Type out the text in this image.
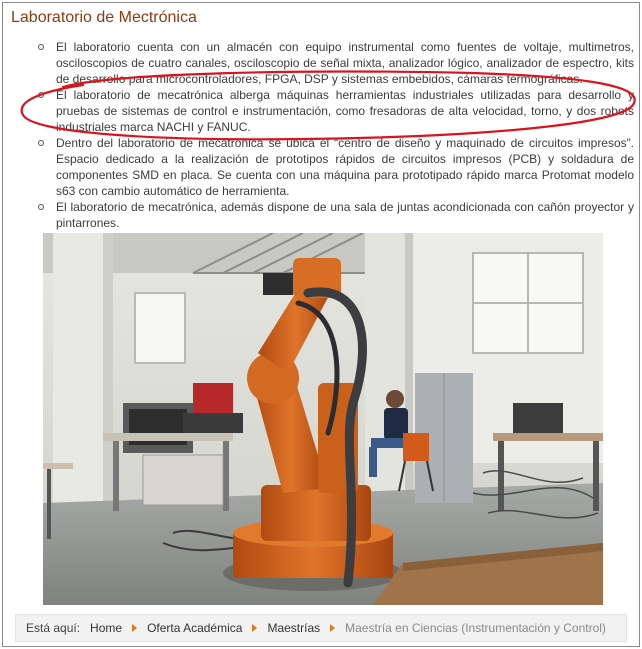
Laboratorio de Mectrónica
El laboratorio cuenta con un almacén con equipo instrumental como fuentes de voltaje, multimetros, osciloscopios de cuatro canales, osciloscopio de señal mixta, analizador lógico, analizador de espectro, kits de desarrollo para microcontroladores, FPGA, DSP y sistemas embebidos, cámaras termográficas.
El laboratorio de mecatrónica alberga máquinas herramientas industriales utilizadas para desarrollo y pruebas de sistemas de control e instrumentación, como fresadoras de alta velocidad, torno, y dos robots industriales marca NACHI y FANUC.
Dentro del laboratorio de mecatrónica se ubica el “centro de diseño y maquinado de circuitos impresos”. Espacio dedicado a la realización de prototipos rápidos de circuitos impresos (PCB) y soldadura de componentes SMD en placa. Se cuenta con una máquina para prototipado rápido marca Protomat modelo s63 con cambio automático de herramienta.
El laboratorio de mecatrónica, además dispone de una sala de juntas acondicionada con cañón proyector y pintarrones.
Está aquí: Home Oferta Académica Maestrías Maestría en Ciencias (Instrumentación y Control)
